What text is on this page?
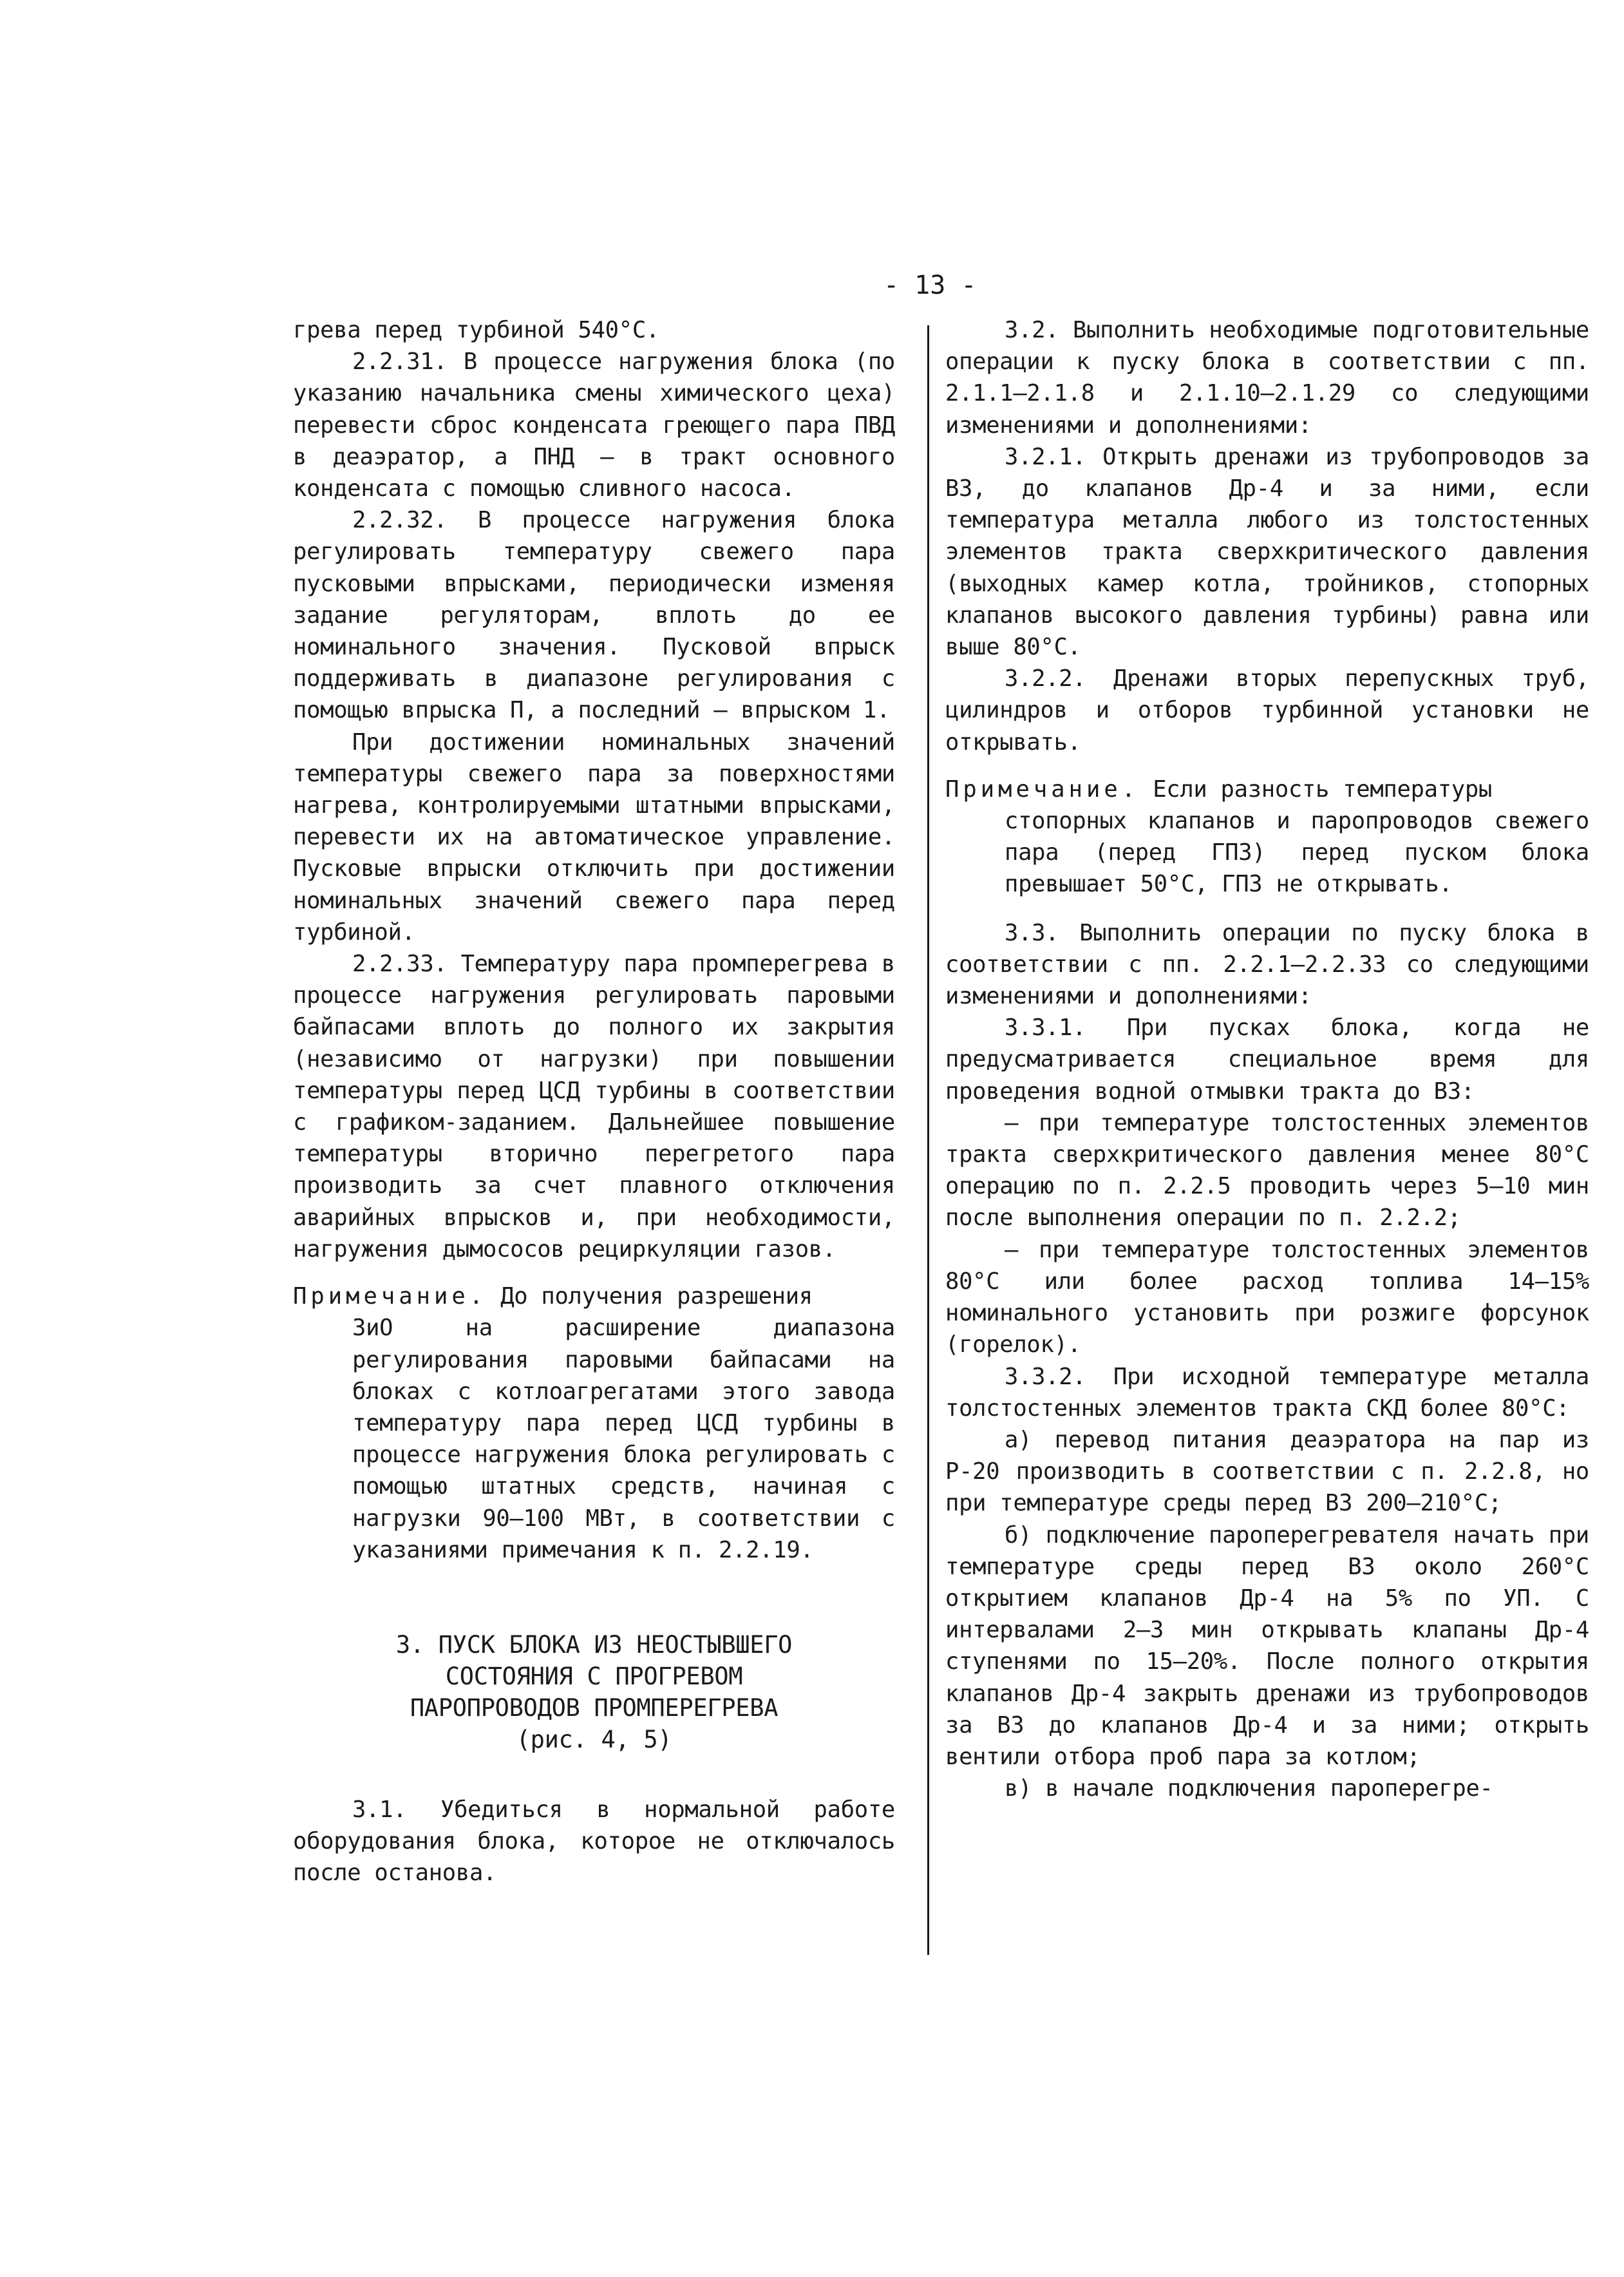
- 13 -

грева перед турбиной 540°С.

2.2.31. В процессе нагружения блока (по указанию начальника смены химического цеха) перевести сброс конденсата греющего пара ПВД в деаэратор, а ПНД — в тракт основного конденсата с помощью сливного насоса.

2.2.32. В процессе нагружения блока регулировать температуру свежего пара пусковыми впрысками, периодически изменяя задание регуляторам, вплоть до ее номинального значения. Пусковой впрыск поддерживать в диапазоне регулирования с помощью впрыска П, а последний — впрыском 1.

При достижении номинальных значений температуры свежего пара за поверхностями нагрева, контролируемыми штатными впрысками, перевести их на автоматическое управление. Пусковые впрыски отключить при достижении номинальных значений свежего пара перед турбиной.

2.2.33. Температуру пара промперегрева в процессе нагружения регулировать паровыми байпасами вплоть до полного их закрытия (независимо от нагрузки) при повышении температуры перед ЦСД турбины в соответствии с графиком-заданием. Дальнейшее повышение температуры вторично перегретого пара производить за счет плавного отключения аварийных впрысков и, при необходимости, нагружения дымососов рециркуляции газов.

Примечание. До получения разрешения

ЗиО на расширение диапазона регулирования паровыми байпасами на блоках с котлоагрегатами этого завода температуру пара перед ЦСД турбины в процессе нагружения блока регулировать с помощью штатных средств, начиная с нагрузки 90–100 МВт, в соответствии с указаниями примечания к п. 2.2.19.

3. ПУСК БЛОКА ИЗ НЕОСТЫВШЕГО
СОСТОЯНИЯ С ПРОГРЕВОМ
ПАРОПРОВОДОВ ПРОМПЕРЕГРЕВА
(рис. 4, 5)

3.1. Убедиться в нормальной работе оборудования блока, которое не отключалось после останова.

3.2. Выполнить необходимые подготовительные операции к пуску блока в соответствии с пп. 2.1.1–2.1.8 и 2.1.10–2.1.29 со следующими изменениями и дополнениями:

3.2.1. Открыть дренажи из трубопроводов за ВЗ, до клапанов Др-4 и за ними, если температура металла любого из толстостенных элементов тракта сверхкритического давления (выходных камер котла, тройников, стопорных клапанов высокого давления турбины) равна или выше 80°С.

3.2.2. Дренажи вторых перепускных труб, цилиндров и отборов турбинной установки не открывать.

Примечание. Если разность температуры

стопорных клапанов и паропроводов свежего пара (перед ГПЗ) перед пуском блока превышает 50°С, ГПЗ не открывать.

3.3. Выполнить операции по пуску блока в соответствии с пп. 2.2.1–2.2.33 со следующими изменениями и дополнениями:

3.3.1. При пусках блока, когда не предусматривается специальное время для проведения водной отмывки тракта до ВЗ:

– при температуре толстостенных элементов тракта сверхкритического давления менее 80°С операцию по п. 2.2.5 проводить через 5–10 мин после выполнения операции по п. 2.2.2;

– при температуре толстостенных элементов 80°С или более расход топлива 14–15% номинального установить при розжиге форсунок (горелок).

3.3.2. При исходной температуре металла толстостенных элементов тракта СКД более 80°С:

а) перевод питания деаэратора на пар из Р-20 производить в соответствии с п. 2.2.8, но при температуре среды перед ВЗ 200–210°С;

б) подключение пароперегревателя начать при температуре среды перед ВЗ около 260°С открытием клапанов Др-4 на 5% по УП. С интервалами 2–3 мин открывать клапаны Др-4 ступенями по 15–20%. После полного открытия клапанов Др-4 закрыть дренажи из трубопроводов за ВЗ до клапанов Др-4 и за ними; открыть вентили отбора проб пара за котлом;

в) в начале подключения пароперегре-
